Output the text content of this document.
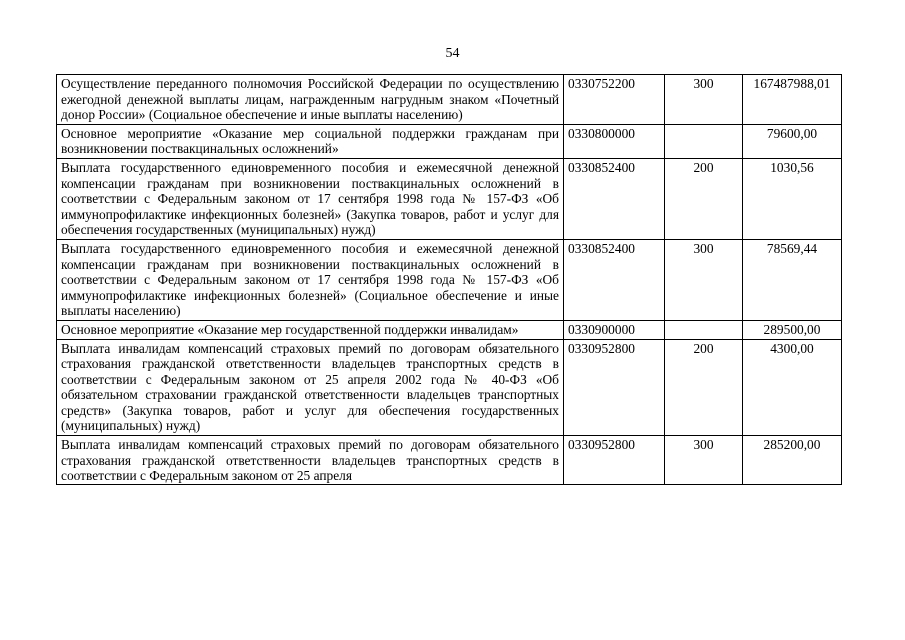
54
Осуществление переданного полномочия Российской Федерации по осуществлению ежегодной денежной выплаты лицам, награжденным нагрудным знаком «Почетный донор России» (Социальное обеспечение и иные выплаты населению)	0330752200	300	167487988,01
Основное мероприятие «Оказание мер социальной поддержки гражданам при возникновении поствакцинальных осложнений»	0330800000		79600,00
Выплата государственного единовременного пособия и ежемесячной денежной компенсации гражданам при возникновении поствакцинальных осложнений в соответствии с Федеральным законом от 17 сентября 1998 года № 157-ФЗ «Об иммунопрофилактике инфекционных болезней» (Закупка товаров, работ и услуг для обеспечения государственных (муниципальных) нужд)	0330852400	200	1030,56
Выплата государственного единовременного пособия и ежемесячной денежной компенсации гражданам при возникновении поствакцинальных осложнений в соответствии с Федеральным законом от 17 сентября 1998 года № 157-ФЗ «Об иммунопрофилактике инфекционных болезней» (Социальное обеспечение и иные выплаты населению)	0330852400	300	78569,44
Основное мероприятие «Оказание мер государственной поддержки инвалидам»	0330900000		289500,00
Выплата инвалидам компенсаций страховых премий по договорам обязательного страхования гражданской ответственности владельцев транспортных средств в соответствии с Федеральным законом от 25 апреля 2002 года № 40-ФЗ «Об обязательном страховании гражданской ответственности владельцев транспортных средств» (Закупка товаров, работ и услуг для обеспечения государственных (муниципальных) нужд)	0330952800	200	4300,00

Выплата инвалидам компенсаций страховых премий по договорам обязательного страхования гражданской ответственности владельцев транспортных средств в соответствии с Федеральным законом от 25 апреля	0330952800	300	285200,00
